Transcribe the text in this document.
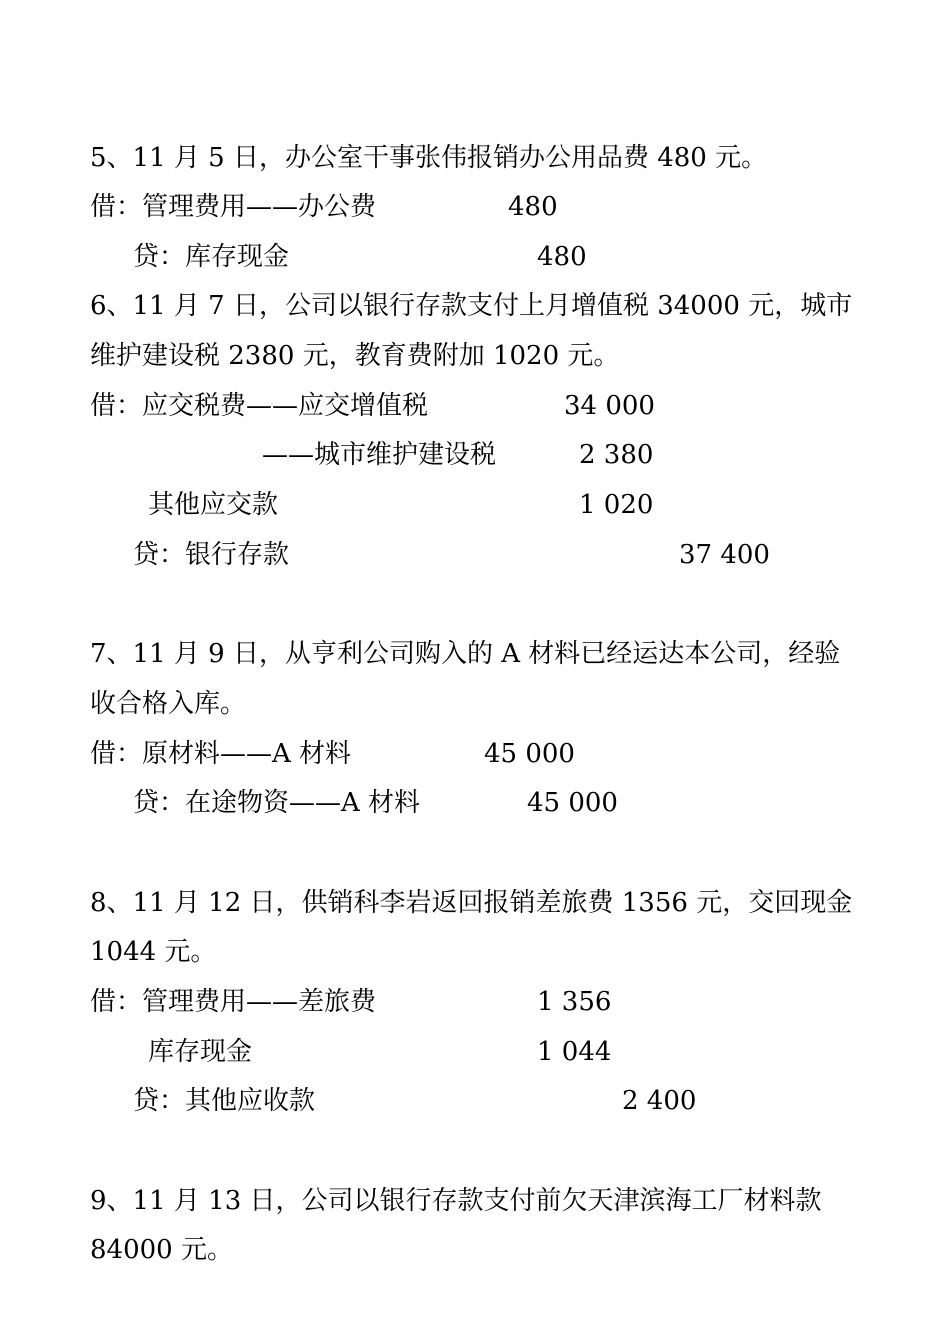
5、11 月 5 日，办公室干事张伟报销办公用品费 480 元。
借：管理费用——办公费	480
贷：库存现金	480
6、11 月 7 日，公司以银行存款支付上月增值税 34000 元，城市
维护建设税 2380 元，教育费附加 1020 元。
借：应交税费——应交增值税	34 000
——城市维护建设税	2 380
其他应交款	1 020
贷：银行存款	37 400
7、11 月 9 日，从亨利公司购入的 A 材料已经运达本公司，经验
收合格入库。
借：原材料——A 材料	45 000
贷：在途物资——A 材料	45 000
8、11 月 12 日，供销科李岩返回报销差旅费 1356 元，交回现金
1044 元。
借：管理费用——差旅费	1 356
库存现金	1 044
贷：其他应收款	2 400
9、11 月 13 日，公司以银行存款支付前欠天津滨海工厂材料款
84000 元。
